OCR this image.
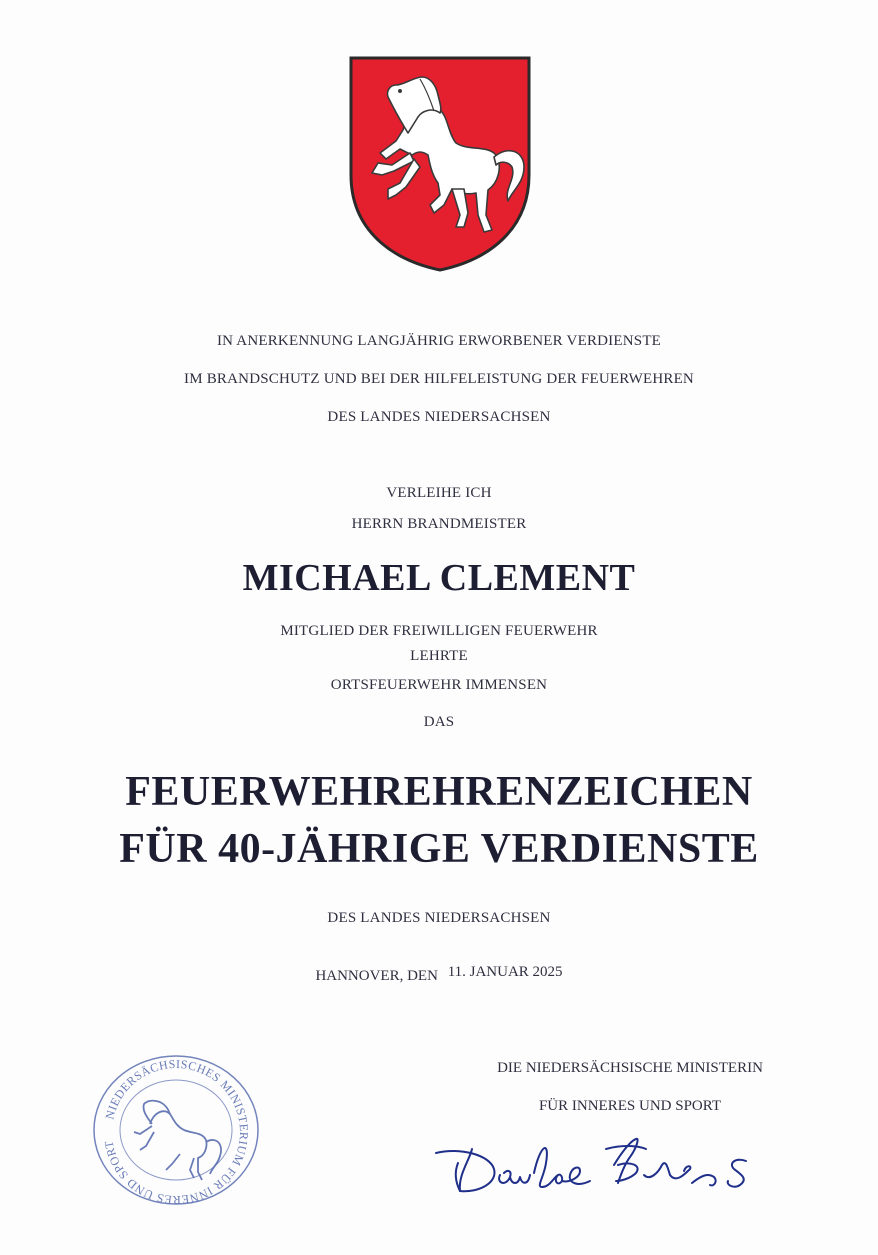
IN ANERKENNUNG LANGJÄHRIG ERWORBENER VERDIENSTE
IM BRANDSCHUTZ UND BEI DER HILFELEISTUNG DER FEUERWEHREN
DES LANDES NIEDERSACHSEN
VERLEIHE ICH
HERRN BRANDMEISTER
MICHAEL CLEMENT
MITGLIED DER FREIWILLIGEN FEUERWEHR
LEHRTE
ORTSFEUERWEHR IMMENSEN
DAS
FEUERWEHREHRENZEICHEN
FÜR 40-JÄHRIGE VERDIENSTE
DES LANDES NIEDERSACHSEN
HANNOVER, DEN 11. JANUAR 2025
NIEDERSÄCHSISCHES MINISTERIUM FÜR INNERES UND SPORT
DIE NIEDERSÄCHSISCHE MINISTERIN
FÜR INNERES UND SPORT
